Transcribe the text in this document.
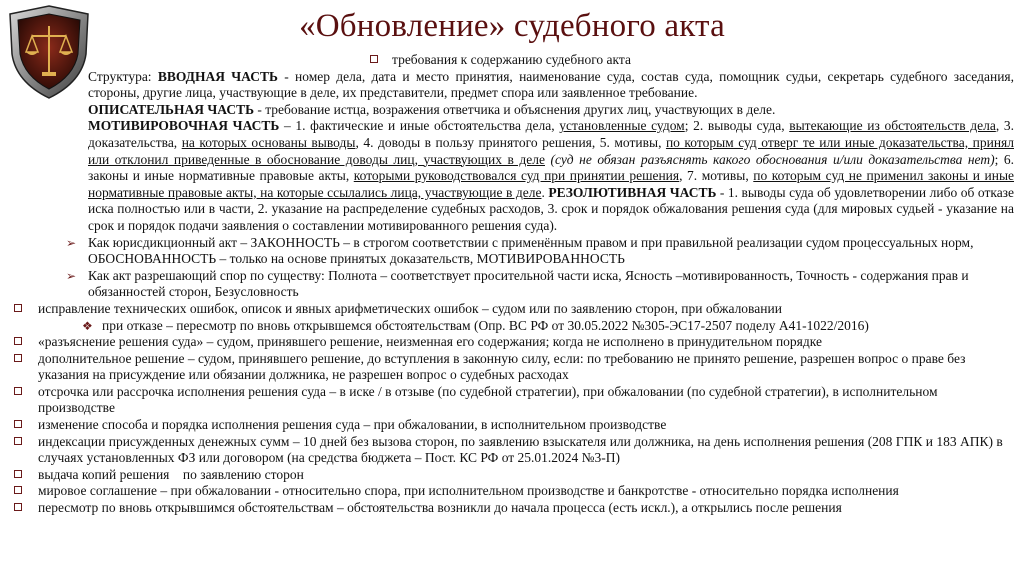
«Обновление» судебного акта
требования к содержанию судебного акта
Структура: ВВОДНАЯ ЧАСТЬ - номер дела, дата и место принятия, наименование суда, состав суда, помощник судьи, секретарь судебного заседания, стороны, другие лица, участвующие в деле, их представители, предмет спора или заявленное требование.
ОПИСАТЕЛЬНАЯ ЧАСТЬ - требование истца, возражения ответчика и объяснения других лиц, участвующих в деле.
МОТИВИРОВОЧНАЯ ЧАСТЬ – 1. фактические и иные обстоятельства дела, установленные судом; 2. выводы суда, вытекающие из обстоятельств дела, 3. доказательства, на которых основаны выводы, 4. доводы в пользу принятого решения, 5. мотивы, по которым суд отверг те или иные доказательства, принял или отклонил приведенные в обоснование доводы лиц, участвующих в деле (суд не обязан разъяснять какого обоснования и/или доказательства нет); 6. законы и иные нормативные правовые акты, которыми руководствовался суд при принятии решения, 7. мотивы, по которым суд не применил законы и иные нормативные правовые акты, на которые ссылались лица, участвующие в деле. РЕЗОЛЮТИВНАЯ ЧАСТЬ - 1. выводы суда об удовлетворении либо об отказе иска полностью или в части, 2. указание на распределение судебных расходов, 3. срок и порядок обжалования решения суда (для мировых судьей - указание на срок и порядок подачи заявления о составлении мотивированного решения суда).
➢ Как юрисдикционный акт – ЗАКОННОСТЬ – в строгом соответствии с применённым правом и при правильной реализации судом процессуальных норм, ОБОСНОВАННОСТЬ – только на основе принятых доказательств, МОТИВИРОВАННОСТЬ
➢ Как акт разрешающий спор по существу: Полнота – соответствует просительной части иска, Ясность –мотивированность, Точность - содержания прав и обязанностей сторон, Безусловность
исправление технических ошибок, описок и явных арифметических ошибок – судом или по заявлению сторон, при обжаловании
❖ при отказе – пересмотр по вновь открывшемся обстоятельствам (Опр. ВС РФ от 30.05.2022 №305-ЭС17-2507 поделу А41-1022/2016)
«разъяснение решения суда» – судом, принявшего решение, неизменная его содержания; когда не исполнено в принудительном порядке
дополнительное решение – судом, принявшего решение, до вступления в законную силу, если: по требованию не принято решение, разрешен вопрос о праве без указания на присуждение или обязании должника, не разрешен вопрос о судебных расходах
отсрочка или рассрочка исполнения решения суда – в иске / в отзыве (по судебной стратегии), при обжаловании (по судебной стратегии), в исполнительном производстве
изменение способа и порядка исполнения решения суда – при обжаловании, в исполнительном производстве
индексации присужденных денежных сумм – 10 дней без вызова сторон, по заявлению взыскателя или должника, на день исполнения решения (208 ГПК и 183 АПК) в случаях установленных ФЗ или договором (на средства бюджета – Пост. КС РФ от 25.01.2024 №3-П)
выдача копий решения    по заявлению сторон
мировое соглашение – при обжаловании - относительно спора, при исполнительном производстве и банкротстве - относительно порядка исполнения
пересмотр по вновь открывшимся обстоятельствам – обстоятельства возникли до начала процесса (есть искл.), а открылись после решения
